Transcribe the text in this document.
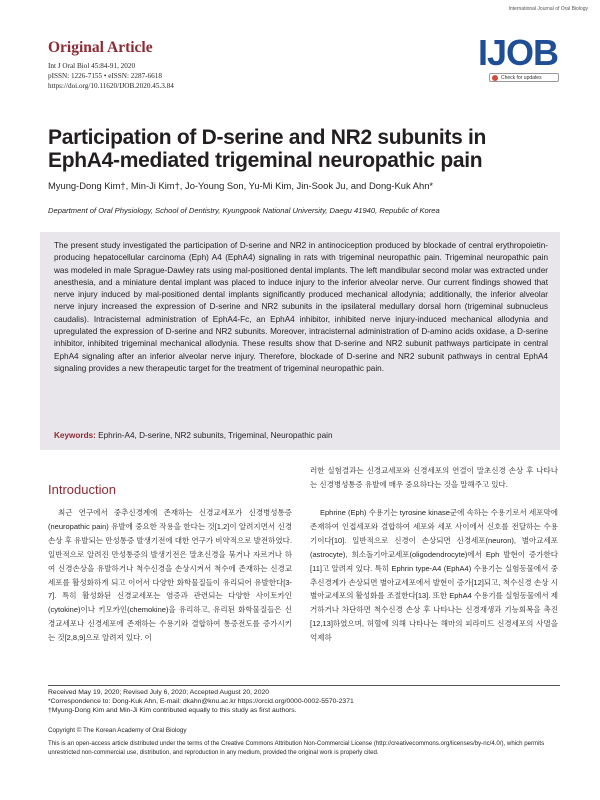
Original Article
Int J Oral Biol 45:84-91, 2020
pISSN: 1226-7155 • eISSN: 2287-6618
https://doi.org/10.11620/IJOB.2020.45.3.84
International Journal of Oral Biology
IJOB
Check for updates
Participation of D-serine and NR2 subunits in
EphA4-mediated trigeminal neuropathic pain
Myung-Dong Kim†, Min-Ji Kim†, Jo-Young Son, Yu-Mi Kim, Jin-Sook Ju, and Dong-Kuk Ahn*
Department of Oral Physiology, School of Dentistry, Kyungpook National University, Daegu 41940, Republic of Korea
The present study investigated the participation of D-serine and NR2 in antinociception produced by blockade of central erythropoietin-producing hepatocellular carcinoma (Eph) A4 (EphA4) signaling in rats with trigeminal neuropathic pain. Trigeminal neuropathic pain was modeled in male Sprague-Dawley rats using mal-positioned dental implants. The left mandibular second molar was extracted under anesthesia, and a miniature dental implant was placed to induce injury to the inferior alveolar nerve. Our current findings showed that nerve injury induced by mal-positioned dental implants significantly produced mechanical allodynia; additionally, the inferior alveolar nerve injury increased the expression of D-serine and NR2 subunits in the ipsilateral medullary dorsal horn (trigeminal subnucleus caudalis). Intracisternal administration of EphA4-Fc, an EphA4 inhibitor, inhibited nerve injury-induced mechanical allodynia and upregulated the expression of D-serine and NR2 subunits. Moreover, intracisternal administration of D-amino acids oxidase, a D-serine inhibitor, inhibited trigeminal mechanical allodynia. These results show that D-serine and NR2 subunit pathways participate in central EphA4 signaling after an inferior alveolar nerve injury. Therefore, blockade of D-serine and NR2 subunit pathways in central EphA4 signaling provides a new therapeutic target for the treatment of trigeminal neuropathic pain.
Keywords: Ephrin-A4, D-serine, NR2 subunits, Trigeminal, Neuropathic pain
Introduction
최근 연구에서 중추신경계에 존재하는 신경교세포가 신경병성통증(neuropathic pain) 유발에 중요한 작용을 한다는 것[1,2]이 알려지면서 신경손상 후 유발되는 만성통증 발생기전에 대한 연구가 비약적으로 발전하였다. 일반적으로 알려진 만성통증의 발생기전은 말초신경을 묶거나 자르거나 하여 신경손상을 유발하거나 척수신경을 손상시켜서 척수에 존재하는 신경교세포를 활성화하게 되고 이어서 다양한 화학물질들이 유리되어 유발한다[3-7]. 특히 활성화된 신경교세포는 염증과 관련되는 다양한 사이토카인(cytokine)이나 키모카인(chemokine)을 유리하고, 유리된 화학물질들은 신경교세포나 신경세포에 존재하는 수용기와 결합하여 통증전도를 증가시키는 것[2,8,9]으로 알려져 있다. 이
러한 실험결과는 신경교세포와 신경세포의 연결이 말초신경 손상 후 나타나는 신경병성통증 유발에 매우 중요하다는 것을 말해주고 있다.
Ephrine (Eph) 수용기는 tyrosine kinase군에 속하는 수용기로서 세포막에 존재하여 인접세포와 결합하여 세포와 세포 사이에서 신호를 전달하는 수용기이다[10]. 일반적으로 신경이 손상되면 신경세포(neuron), 별아교세포(astrocyte), 희소돌기아교세포(oligodendrocyte)에서 Eph 발현이 증가한다[11]고 알려져 있다. 특히 Ephrin type-A4 (EphA4) 수용기는 실험동물에서 중추신경계가 손상되면 별아교세포에서 발현이 증가[12]되고, 척수신경 손상 시 별아교세포의 활성화를 조절한다[13]. 또한 EphA4 수용기를 실험동물에서 제거하거나 차단하면 척수신경 손상 후 나타나는 신경재생과 기능회복을 촉진[12,13]하였으며, 허혈에 의해 나타나는 해마의 피라미드 신경세포의 사멸을 억제하
Received May 19, 2020; Revised July 6, 2020; Accepted August 20, 2020
*Correspondence to: Dong-Kuk Ahn, E-mail: dkahn@knu.ac.kr https://orcid.org/0000-0002-5570-2371
†Myung-Dong Kim and Min-Ji Kim contributed equally to this study as first authors.
Copyright © The Korean Academy of Oral Biology
This is an open-access article distributed under the terms of the Creative Commons Attribution Non-Commercial License (http://creativecommons.org/licenses/by-nc/4.0/), which permits unrestricted non-commercial use, distribution, and reproduction in any medium, provided the original work is properly cited.
